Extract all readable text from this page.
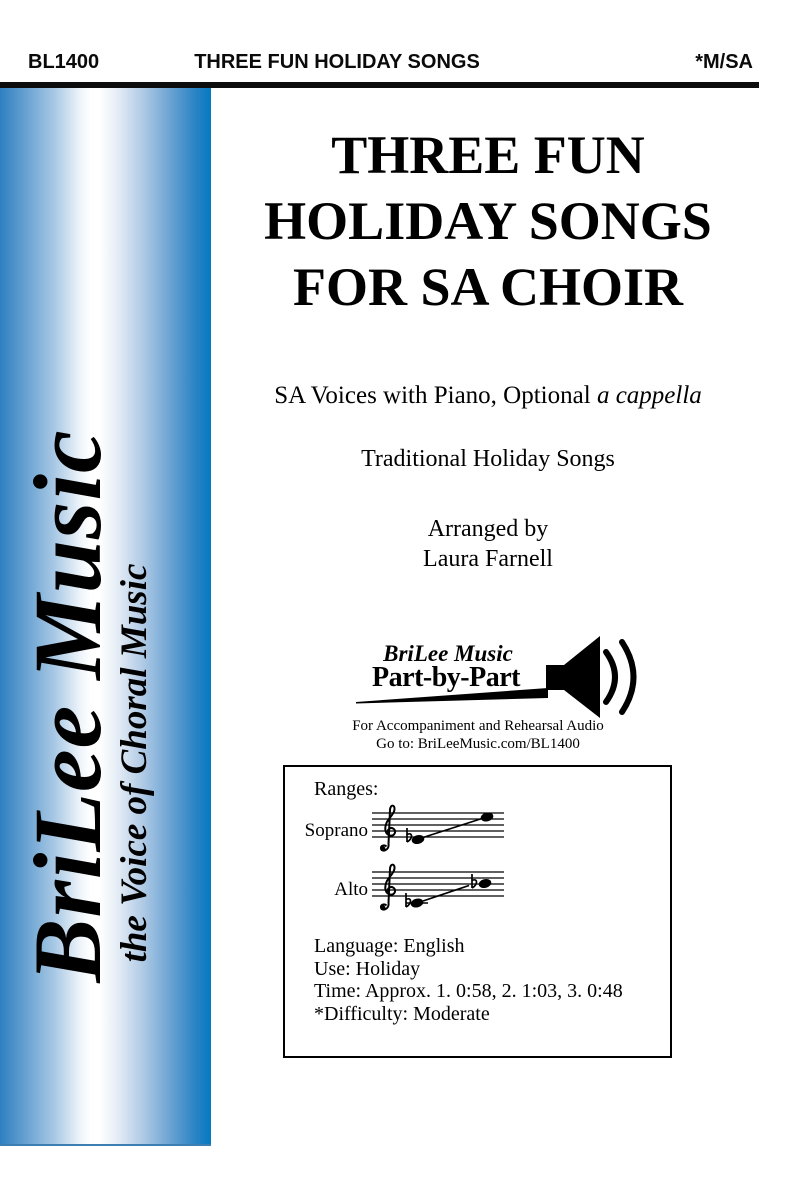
BL1400	THREE FUN HOLIDAY SONGS	*M/SA
BriLee Music
the Voice of Choral Music
THREE FUN
HOLIDAY SONGS
FOR SA CHOIR
SA Voices with Piano, Optional a cappella
Traditional Holiday Songs
Arranged by
Laura Farnell
BriLee Music
Part-by-Part
For Accompaniment and Rehearsal Audio
Go to: BriLeeMusic.com/BL1400
Ranges:
Soprano
Alto
Language: English
Use: Holiday
Time: Approx. 1. 0:58, 2. 1:03, 3. 0:48
*Difficulty: Moderate
